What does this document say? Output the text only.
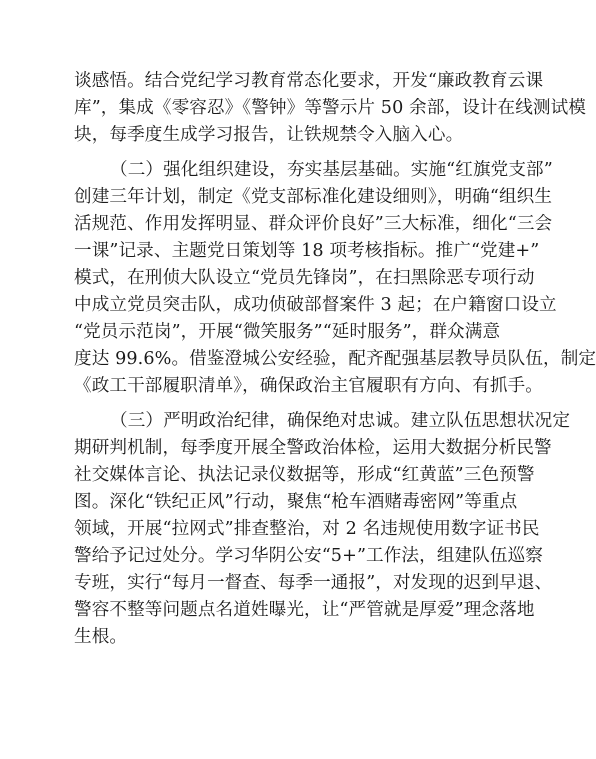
谈感悟。结合党纪学习教育常态化要求，开发“廉政教育云课
库”，集成《零容忍》《警钟》等警示片 50 余部，设计在线测试模
块，每季度生成学习报告，让铁规禁令入脑入心。
（二）强化组织建设，夯实基层基础。实施“红旗党支部”
创建三年计划，制定《党支部标准化建设细则》，明确“组织生
活规范、作用发挥明显、群众评价良好”三大标准，细化“三会
一课”记录、主题党日策划等 18 项考核指标。推广“党建+”
模式，在刑侦大队设立“党员先锋岗”，在扫黑除恶专项行动
中成立党员突击队，成功侦破部督案件 3 起；在户籍窗口设立
“党员示范岗”，开展“微笑服务”“延时服务”，群众满意
度达 99.6%。借鉴澄城公安经验，配齐配强基层教导员队伍，制定
《政工干部履职清单》，确保政治主官履职有方向、有抓手。
（三）严明政治纪律，确保绝对忠诚。建立队伍思想状况定
期研判机制，每季度开展全警政治体检，运用大数据分析民警
社交媒体言论、执法记录仪数据等，形成“红黄蓝”三色预警
图。深化“铁纪正风”行动，聚焦“枪车酒赌毒密网”等重点
领域，开展“拉网式”排查整治，对 2 名违规使用数字证书民
警给予记过处分。学习华阴公安“5+”工作法，组建队伍巡察
专班，实行“每月一督查、每季一通报”，对发现的迟到早退、
警容不整等问题点名道姓曝光，让“严管就是厚爱”理念落地
生根。
